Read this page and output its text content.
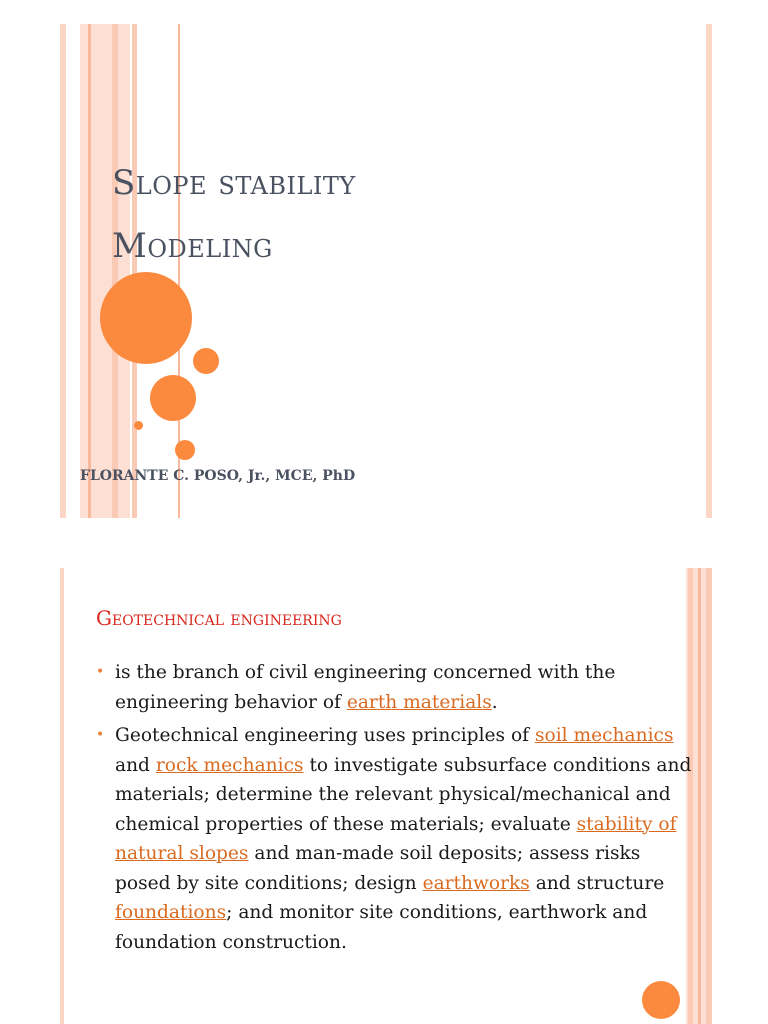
Slope stability
Modeling
FLORANTE C. POSO, Jr., MCE, PhD
Geotechnical engineering
• is the branch of civil engineering concerned with the engineering behavior of earth materials.
• Geotechnical engineering uses principles of soil mechanics and rock mechanics to investigate subsurface conditions and materials; determine the relevant physical/mechanical and chemical properties of these materials; evaluate stability of natural slopes and man-made soil deposits; assess risks posed by site conditions; design earthworks and structure foundations; and monitor site conditions, earthwork and foundation construction.
